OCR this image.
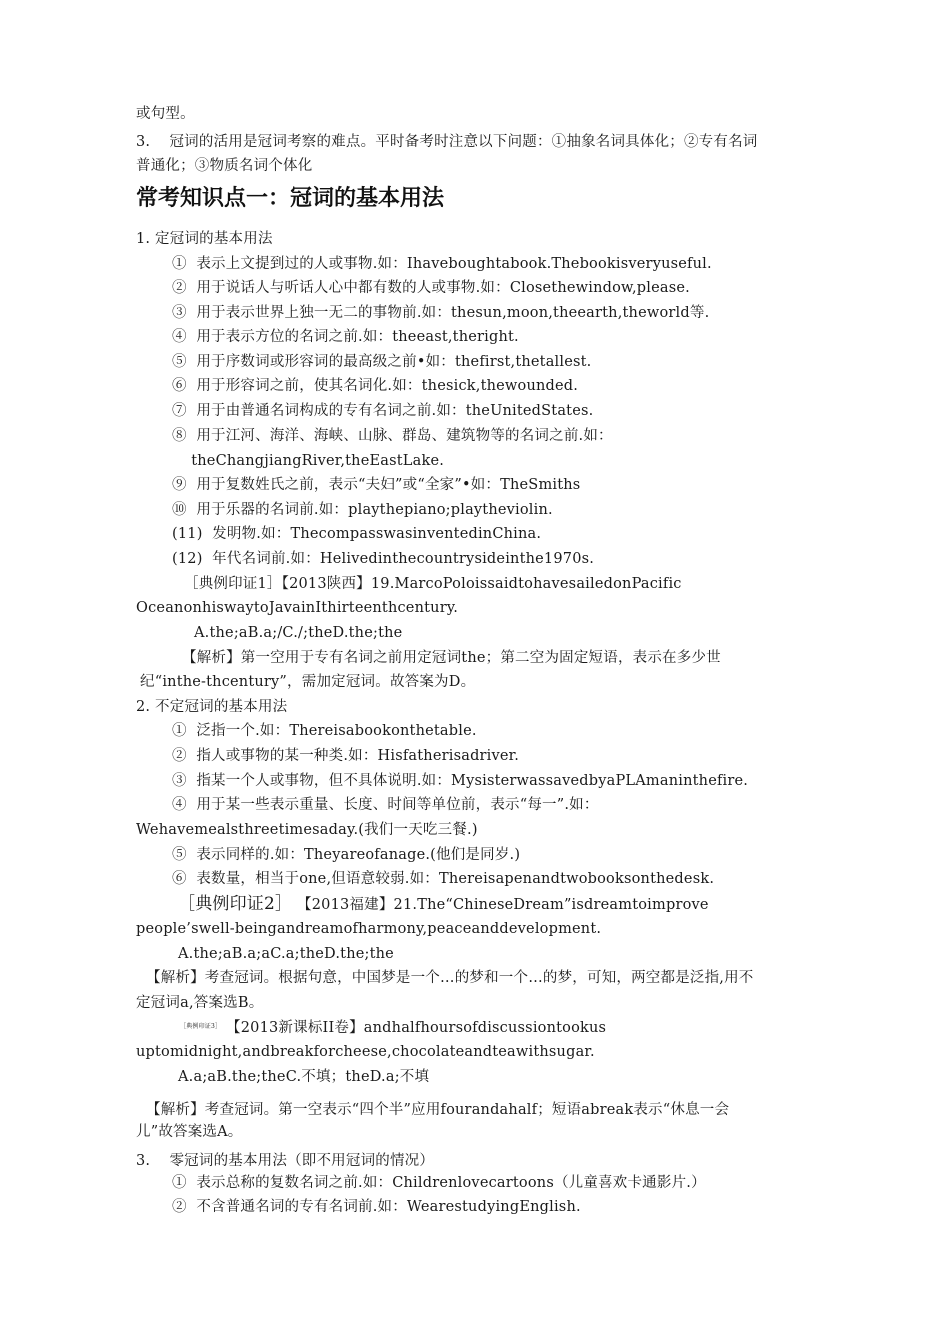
或句型。
3.    冠词的活用是冠词考察的难点。平时备考时注意以下问题：①抽象名词具体化；②专有名词
普通化；③物质名词个体化
常考知识点一：冠词的基本用法
1. 定冠词的基本用法
①  表示上文提到过的人或事物.如：Ihaveboughtabook.Thebookisveryuseful.
②  用于说话人与听话人心中都有数的人或事物.如：Closethewindow,please.
③  用于表示世界上独一无二的事物前.如：thesun,moon,theearth,theworld等.
④  用于表示方位的名词之前.如：theeast,theright.
⑤  用于序数词或形容词的最高级之前•如：thefirst,thetallest.
⑥  用于形容词之前，使其名词化.如：thesick,thewounded.
⑦  用于由普通名词构成的专有名词之前.如：theUnitedStates.
⑧  用于江河、海洋、海峡、山脉、群岛、建筑物等的名词之前.如：
theChangjiangRiver,theEastLake.
⑨  用于复数姓氏之前，表示“夫妇”或“全家”•如：TheSmiths
⑩  用于乐器的名词前.如：playthepiano;playtheviolin.
(11)  发明物.如：ThecompasswasinventedinChina.
(12)  年代名词前.如：Helivedinthecountrysideinthe1970s.
［典例印证1］【2013陕西】19.MarcoPoloissaidtohavesailedonPacific
OceanonhiswaytoJavainIthirteenthcentury.
A.the;aB.a;/C./;theD.the;the
【解析】第一空用于专有名词之前用定冠词the；第二空为固定短语，表示在多少世
纪“inthe-thcentury”，需加定冠词。故答案为D。
2. 不定冠词的基本用法
①  泛指一个.如：Thereisabookonthetable.
②  指人或事物的某一种类.如：Hisfatherisadriver.
③  指某一个人或事物，但不具体说明.如：MysisterwassavedbyaPLAmaninthefire.
④  用于某一些表示重量、长度、时间等单位前，表示“每一”.如：
Wehavemealsthreetimesaday.(我们一天吃三餐.)
⑤  表示同样的.如：Theyareofanage.(他们是同岁.)
⑥  表数量，相当于one,但语意较弱.如：Thereisapenandtwobooksonthedesk.
［典例印证2］ 【2013福建】21.The“ChineseDream”isdreamtoimprove
people’swell-beingandreamofharmony,peaceanddevelopment.
A.the;aB.a;aC.a;theD.the;the
【解析】考查冠词。根据句意，中国梦是一个…的梦和一个…的梦，可知，两空都是泛指,用不
定冠词a,答案选B。
$^{[典例印证3]}$ 【2013新课标II卷】andhalfhoursofdiscussiontookus
uptomidnight,andbreakforcheese,chocolateandteawithsugar.
A.a;aB.the;theC.不填；theD.a;不填
【解析】考查冠词。第一空表示“四个半”应用fourandahalf；短语abreak表示“休息一会
儿”故答案选A。
3.    零冠词的基本用法（即不用冠词的情况）
①  表示总称的复数名词之前.如：Childrenlovecartoons（儿童喜欢卡通影片.）
②  不含普通名词的专有名词前.如：WearestudyingEnglish.
